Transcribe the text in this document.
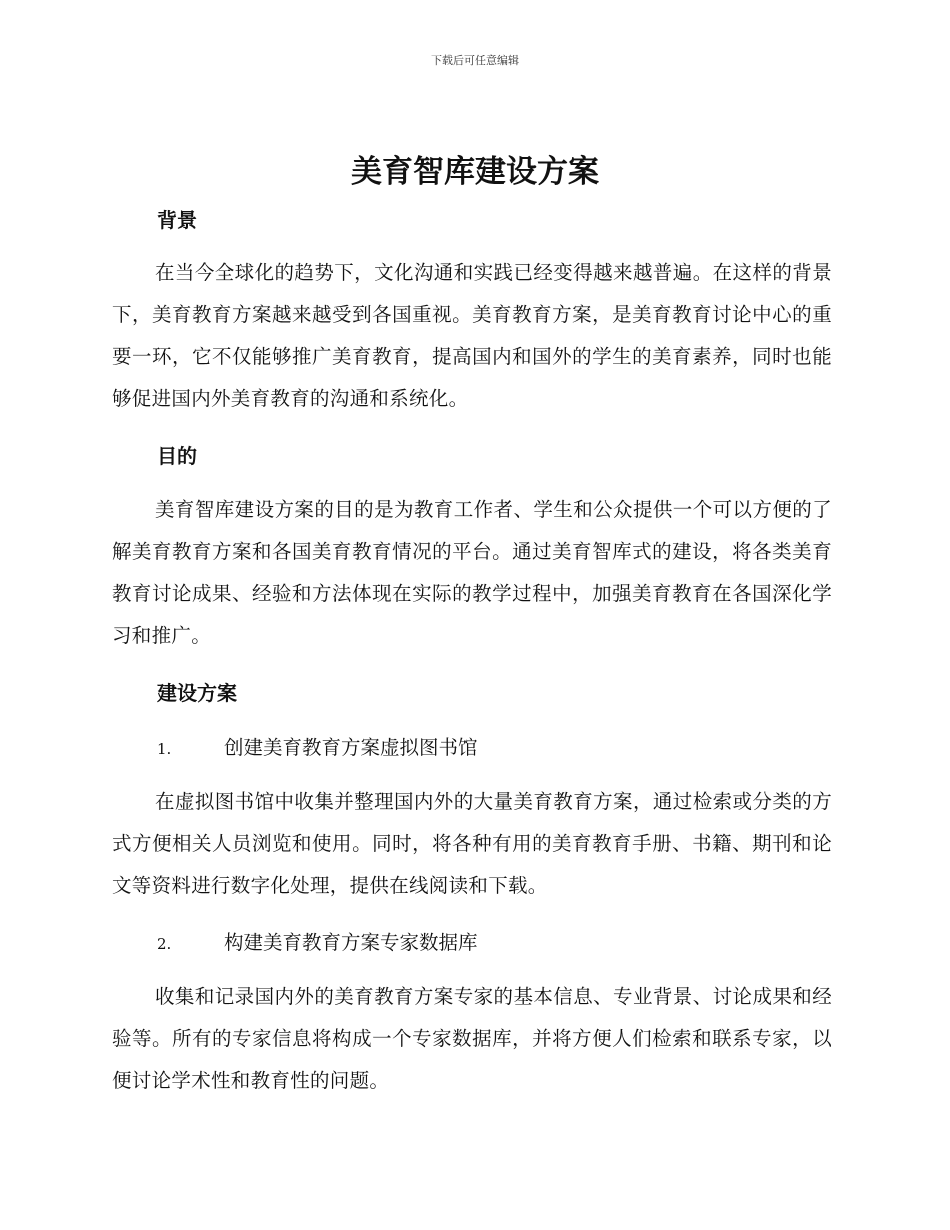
下载后可任意编辑
美育智库建设方案
背景

在当今全球化的趋势下，文化沟通和实践已经变得越来越普遍。在这样的背景下，美育教育方案越来越受到各国重视。美育教育方案，是美育教育讨论中心的重要一环，它不仅能够推广美育教育，提高国内和国外的学生的美育素养，同时也能够促进国内外美育教育的沟通和系统化。

目的

美育智库建设方案的目的是为教育工作者、学生和公众提供一个可以方便的了解美育教育方案和各国美育教育情况的平台。通过美育智库式的建设，将各类美育教育讨论成果、经验和方法体现在实际的教学过程中，加强美育教育在各国深化学习和推广。

建设方案
1.	创建美育教育方案虚拟图书馆

在虚拟图书馆中收集并整理国内外的大量美育教育方案，通过检索或分类的方式方便相关人员浏览和使用。同时，将各种有用的美育教育手册、书籍、期刊和论文等资料进行数字化处理，提供在线阅读和下载。

2.	构建美育教育方案专家数据库

收集和记录国内外的美育教育方案专家的基本信息、专业背景、讨论成果和经验等。所有的专家信息将构成一个专家数据库，并将方便人们检索和联系专家，以便讨论学术性和教育性的问题。
